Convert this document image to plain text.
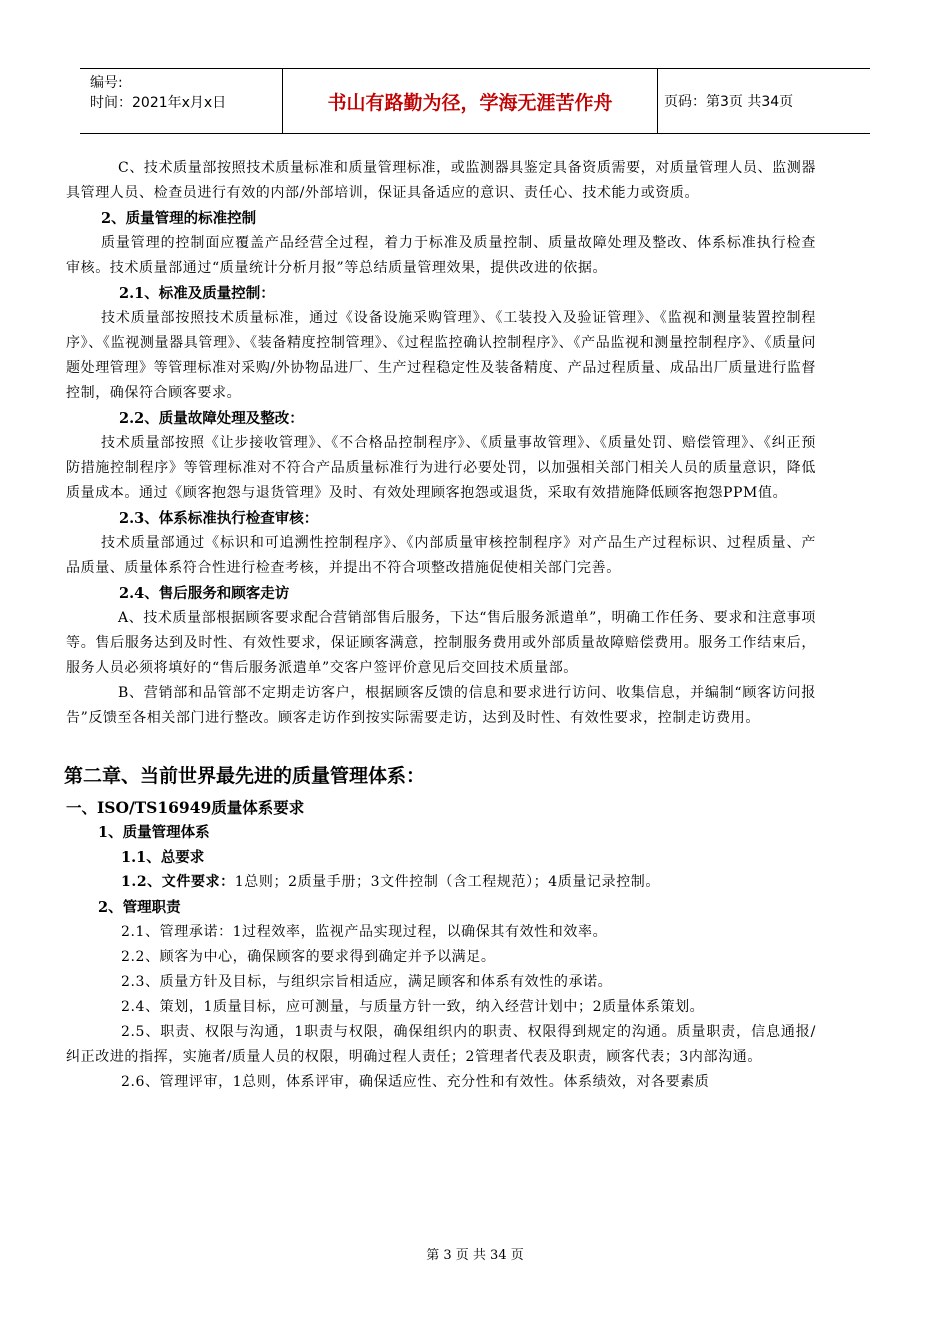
编号:
时间：2021年x月x日	书山有路勤为径，学海无涯苦作舟	页码：第3页 共34页

C、技术质量部按照技术质量标准和质量管理标准，或监测器具鉴定具备资质需要，对质量管理人员、监测器具管理人员、检查员进行有效的内部/外部培训，保证具备适应的意识、责任心、技术能力或资质。

2、质量管理的标准控制

质量管理的控制面应覆盖产品经营全过程，着力于标准及质量控制、质量故障处理及整改、体系标准执行检查审核。技术质量部通过“质量统计分析月报”等总结质量管理效果，提供改进的依据。

2.1、标准及质量控制：

技术质量部按照技术质量标准，通过《设备设施采购管理》、《工装投入及验证管理》、《监视和测量装置控制程序》、《监视测量器具管理》、《装备精度控制管理》、《过程监控确认控制程序》、《产品监视和测量控制程序》、《质量问题处理管理》等管理标准对采购/外协物品进厂、生产过程稳定性及装备精度、产品过程质量、成品出厂质量进行监督控制，确保符合顾客要求。

2.2、质量故障处理及整改：

技术质量部按照《让步接收管理》、《不合格品控制程序》、《质量事故管理》、《质量处罚、赔偿管理》、《纠正预防措施控制程序》等管理标准对不符合产品质量标准行为进行必要处罚，以加强相关部门相关人员的质量意识，降低质量成本。通过《顾客抱怨与退货管理》及时、有效处理顾客抱怨或退货，采取有效措施降低顾客抱怨PPM值。

2.3、体系标准执行检查审核：

技术质量部通过《标识和可追溯性控制程序》、《内部质量审核控制程序》对产品生产过程标识、过程质量、产品质量、质量体系符合性进行检查考核，并提出不符合项整改措施促使相关部门完善。

2.4、售后服务和顾客走访

A、技术质量部根据顾客要求配合营销部售后服务，下达“售后服务派遣单”，明确工作任务、要求和注意事项等。售后服务达到及时性、有效性要求，保证顾客满意，控制服务费用或外部质量故障赔偿费用。服务工作结束后，服务人员必须将填好的“售后服务派遣单”交客户签评价意见后交回技术质量部。

B、营销部和品管部不定期走访客户，根据顾客反馈的信息和要求进行访问、收集信息，并编制“顾客访问报告”反馈至各相关部门进行整改。顾客走访作到按实际需要走访，达到及时性、有效性要求，控制走访费用。

第二章、当前世界最先进的质量管理体系：

一、ISO/TS16949质量体系要求

1、质量管理体系

1.1、总要求

1.2、文件要求：1总则；2质量手册；3文件控制（含工程规范）；4质量记录控制。

2、管理职责

2.1、管理承诺：1过程效率，监视产品实现过程，以确保其有效性和效率。

2.2、顾客为中心，确保顾客的要求得到确定并予以满足。

2.3、质量方针及目标，与组织宗旨相适应，满足顾客和体系有效性的承诺。

2.4、策划，1质量目标，应可测量，与质量方针一致，纳入经营计划中；2质量体系策划。

2.5、职责、权限与沟通，1职责与权限，确保组织内的职责、权限得到规定的沟通。质量职责，信息通报/纠正改进的指挥，实施者/质量人员的权限，明确过程人责任；2管理者代表及职责，顾客代表；3内部沟通。

2.6、管理评审，1总则，体系评审，确保适应性、充分性和有效性。体系绩效，对各要素质

第 3 页 共 34 页
